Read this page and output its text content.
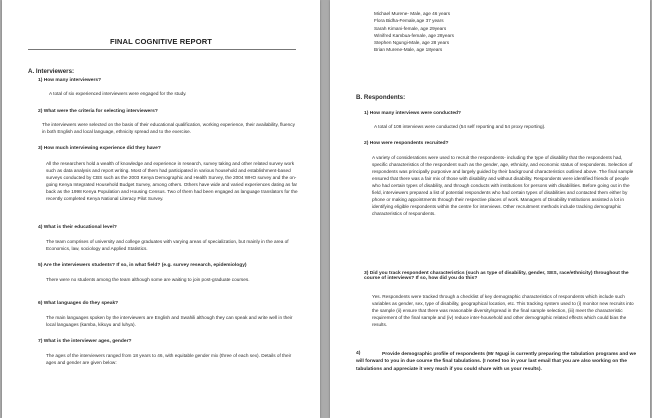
FINAL COGNITIVE REPORT
A. Interviewers:
1) How many interviewers?
A total of six experienced interviewers were engaged for the study.
2) What were the criteria for selecting interviewers?
The interviewers were selected on the basis of their educational qualification, working experience, their availability, fluency in both English and local language, ethnicity spread and to the exercise.
3) How much interviewing experience did they have?
All the researchers hold a wealth of knowledge and experience in research, survey taking and other related survey work such as data analysis and report writing. Most of them had participated in various household and establishment-based surveys conducted by CBS such as the 2003 Kenya Demographic and Health Survey, the 2004 WHO survey and the on-going Kenya Integrated Household Budget Survey, among others. Others have wide and varied experiences dating as far back as the 1998 Kenya Population and Housing Census. Two of them had been engaged as language translators for the recently completed Kenya National Literacy Pilot Survey.
4) What is their educational level?
The team comprises of university and college graduates with varying areas of specialization, but mainly in the area of Economics, law, sociology and Applied Statistics.
5) Are the interviewers students? If so, in what field? (e.g. survey research, epidemiology)
There were no students among the team although some are waiting to join post-graduate courses.
6) What languages do they speak?
The main languages spoken by the interviewers are English and Swahili although they can speak and write well in their local languages (kamba, kikuyu and luhya).
7) What is the interviewer ages, gender?
The ages of the interviewers ranged from 18 years to 46, with equitable gender mix (three of each sex). Details of their ages and gender are given below:
Michael Murene- Male, age 46 years
Flora Bidha-Female,age 37 years
Sarah Kimani-female, age 29years
Winifred Kambua-female, age 28years
Stephen Ngungi-Male, age 28 years
Brian Murene-Male, age 18years
B. Respondents:
1) How many interviews were conducted?
A total of 108 interviews were conducted (54 self reporting and 54 proxy reporting).
2) How were respondents recruited?
A variety of considerations were used to recruit the respondents- including the type of disability that the respondents had, specific characteristics of the respondent such as the gender, age, ethnicity, and economic status of respondents. Selection of respondents was principally purposive and largely guided by their background characteristics outlined above. The final sample ensured that there was a fair mix of those with disability and without disability. Respondents were identified friends of people who had certain types of disability, and through conducts with institutions for persons with disabilities. Before going out in the field, interviewers prepared a list of potential respondents who had certain types of disabilities and contacted them either by phone or making appointments through their respective places of work. Managers of Disability Institutions assisted a lot in identifying eligible respondents within the centre for interviews. Other recruitment methods include tracking demographic characteristics of respondents.
3) Did you track respondent characteristics (such as type of disability, gender, SES, race/ethnicity) throughout the course of interviews? If so, how did you do this?
Yes. Respondents were tracked through a checklist of key demographic characteristics of respondents which include such variables as gender, sex, type of disability, geographical location, etc. This tracking system used to (i) monitor new recruits into the sample (ii) ensure that there was reasonable diversity/spread in the final sample selection, (iii) meet the characteristic requirement of the final sample and (iv) reduce inter-household and other demographic related effects which could bias the results.
4)	Provide demographic profile of respondents (Mr Ngugi is currently preparing the tabulation programs and we will forward to you in due course the final tabulations. (I noted too in your last email that you are also working on the tabulations and appreciate it very much if you could share with us your results).
